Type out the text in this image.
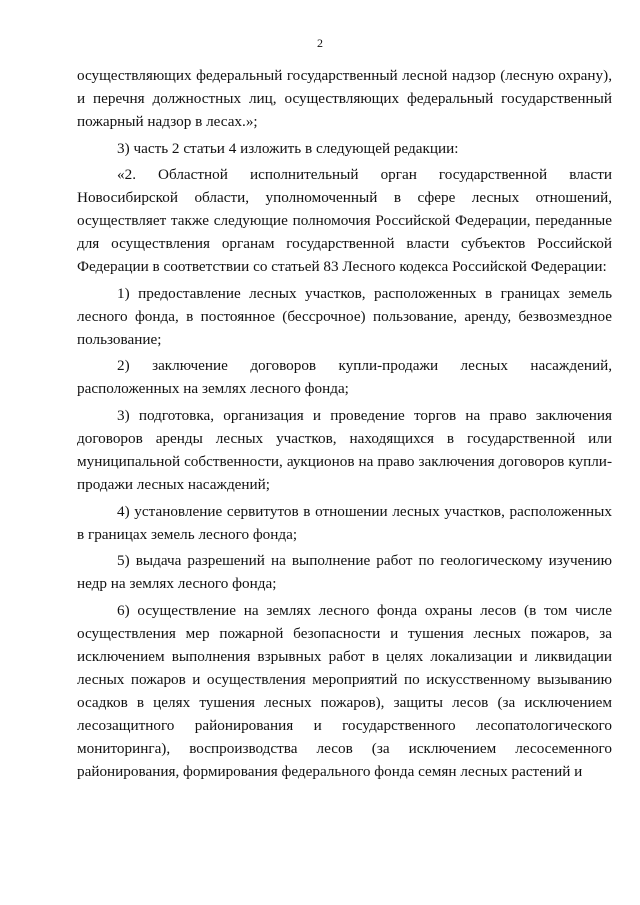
2

осуществляющих федеральный государственный лесной надзор (лесную охрану), и перечня должностных лиц, осуществляющих федеральный государственный пожарный надзор в лесах.»;

3) часть 2 статьи 4 изложить в следующей редакции:

«2. Областной исполнительный орган государственной власти Новосибирской области, уполномоченный в сфере лесных отношений, осуществляет также следующие полномочия Российской Федерации, переданные для осуществления органам государственной власти субъектов Российской Федерации в соответствии со статьей 83 Лесного кодекса Российской Федерации:

1) предоставление лесных участков, расположенных в границах земель лесного фонда, в постоянное (бессрочное) пользование, аренду, безвозмездное пользование;

2) заключение договоров купли-продажи лесных насаждений, расположенных на землях лесного фонда;

3) подготовка, организация и проведение торгов на право заключения договоров аренды лесных участков, находящихся в государственной или муниципальной собственности, аукционов на право заключения договоров купли-продажи лесных насаждений;

4) установление сервитутов в отношении лесных участков, расположенных в границах земель лесного фонда;

5) выдача разрешений на выполнение работ по геологическому изучению недр на землях лесного фонда;

6) осуществление на землях лесного фонда охраны лесов (в том числе осуществления мер пожарной безопасности и тушения лесных пожаров, за исключением выполнения взрывных работ в целях локализации и ликвидации лесных пожаров и осуществления мероприятий по искусственному вызыванию осадков в целях тушения лесных пожаров), защиты лесов (за исключением лесозащитного районирования и государственного лесопатологического мониторинга), воспроизводства лесов (за исключением лесосеменного районирования, формирования федерального фонда семян лесных растений и
